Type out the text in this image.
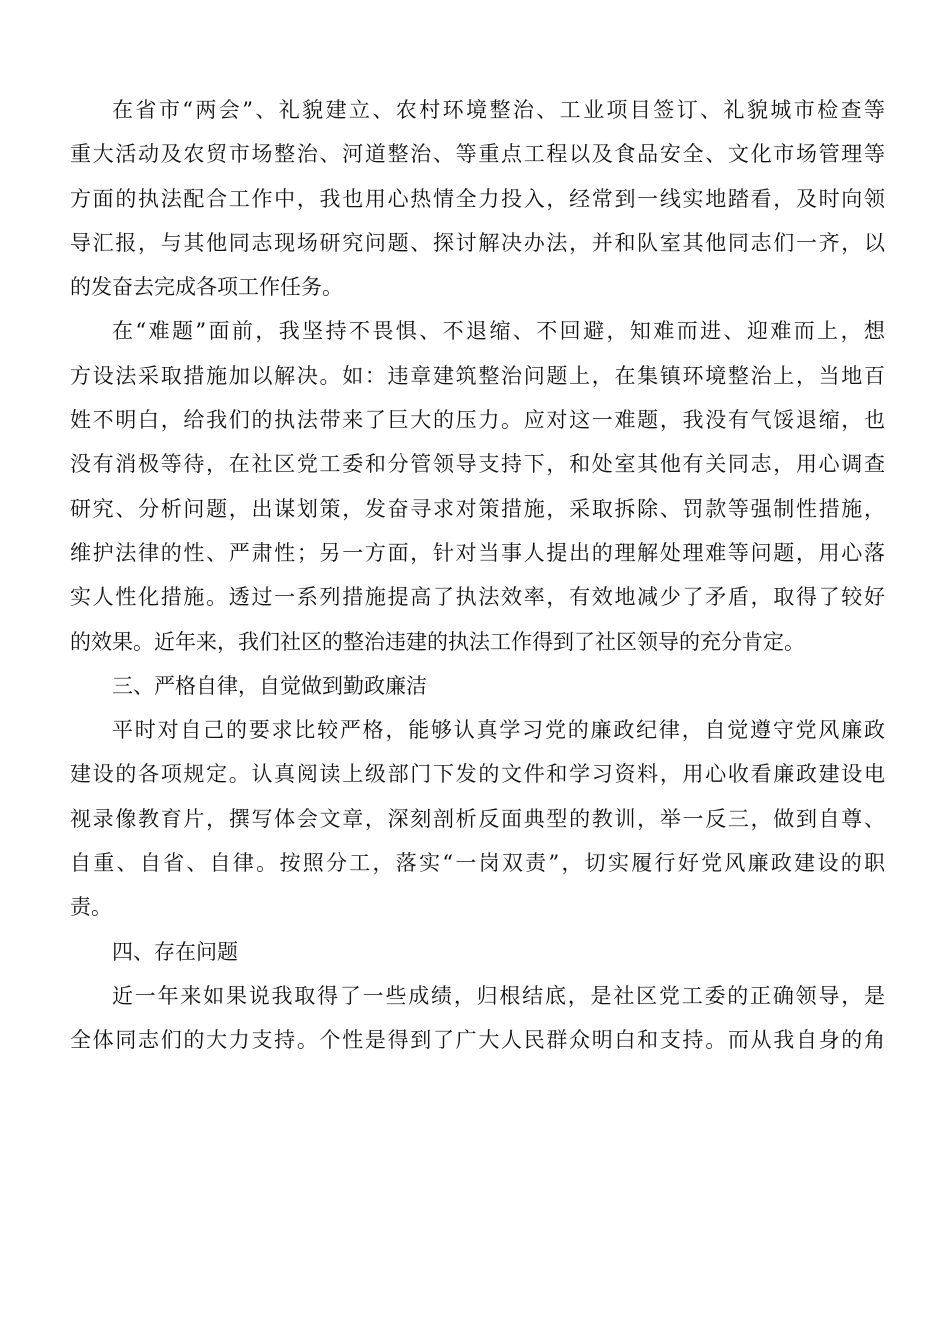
在省市“两会”、礼貌建立、农村环境整治、工业项目签订、礼貌城市检查等
重大活动及农贸市场整治、河道整治、等重点工程以及食品安全、文化市场管理等
方面的执法配合工作中，我也用心热情全力投入，经常到一线实地踏看，及时向领
导汇报，与其他同志现场研究问题、探讨解决办法，并和队室其他同志们一齐，以
的发奋去完成各项工作任务。
在“难题”面前，我坚持不畏惧、不退缩、不回避，知难而进、迎难而上，想
方设法采取措施加以解决。如：违章建筑整治问题上，在集镇环境整治上，当地百
姓不明白，给我们的执法带来了巨大的压力。应对这一难题，我没有气馁退缩，也
没有消极等待，在社区党工委和分管领导支持下，和处室其他有关同志，用心调查
研究、分析问题，出谋划策，发奋寻求对策措施，采取拆除、罚款等强制性措施，
维护法律的性、严肃性；另一方面，针对当事人提出的理解处理难等问题，用心落
实人性化措施。透过一系列措施提高了执法效率，有效地减少了矛盾，取得了较好
的效果。近年来，我们社区的整治违建的执法工作得到了社区领导的充分肯定。
三、严格自律，自觉做到勤政廉洁
平时对自己的要求比较严格，能够认真学习党的廉政纪律，自觉遵守党风廉政
建设的各项规定。认真阅读上级部门下发的文件和学习资料，用心收看廉政建设电
视录像教育片，撰写体会文章，深刻剖析反面典型的教训，举一反三，做到自尊、
自重、自省、自律。按照分工，落实“一岗双责”，切实履行好党风廉政建设的职
责。
四、存在问题
近一年来如果说我取得了一些成绩，归根结底，是社区党工委的正确领导，是
全体同志们的大力支持。个性是得到了广大人民群众明白和支持。而从我自身的角
